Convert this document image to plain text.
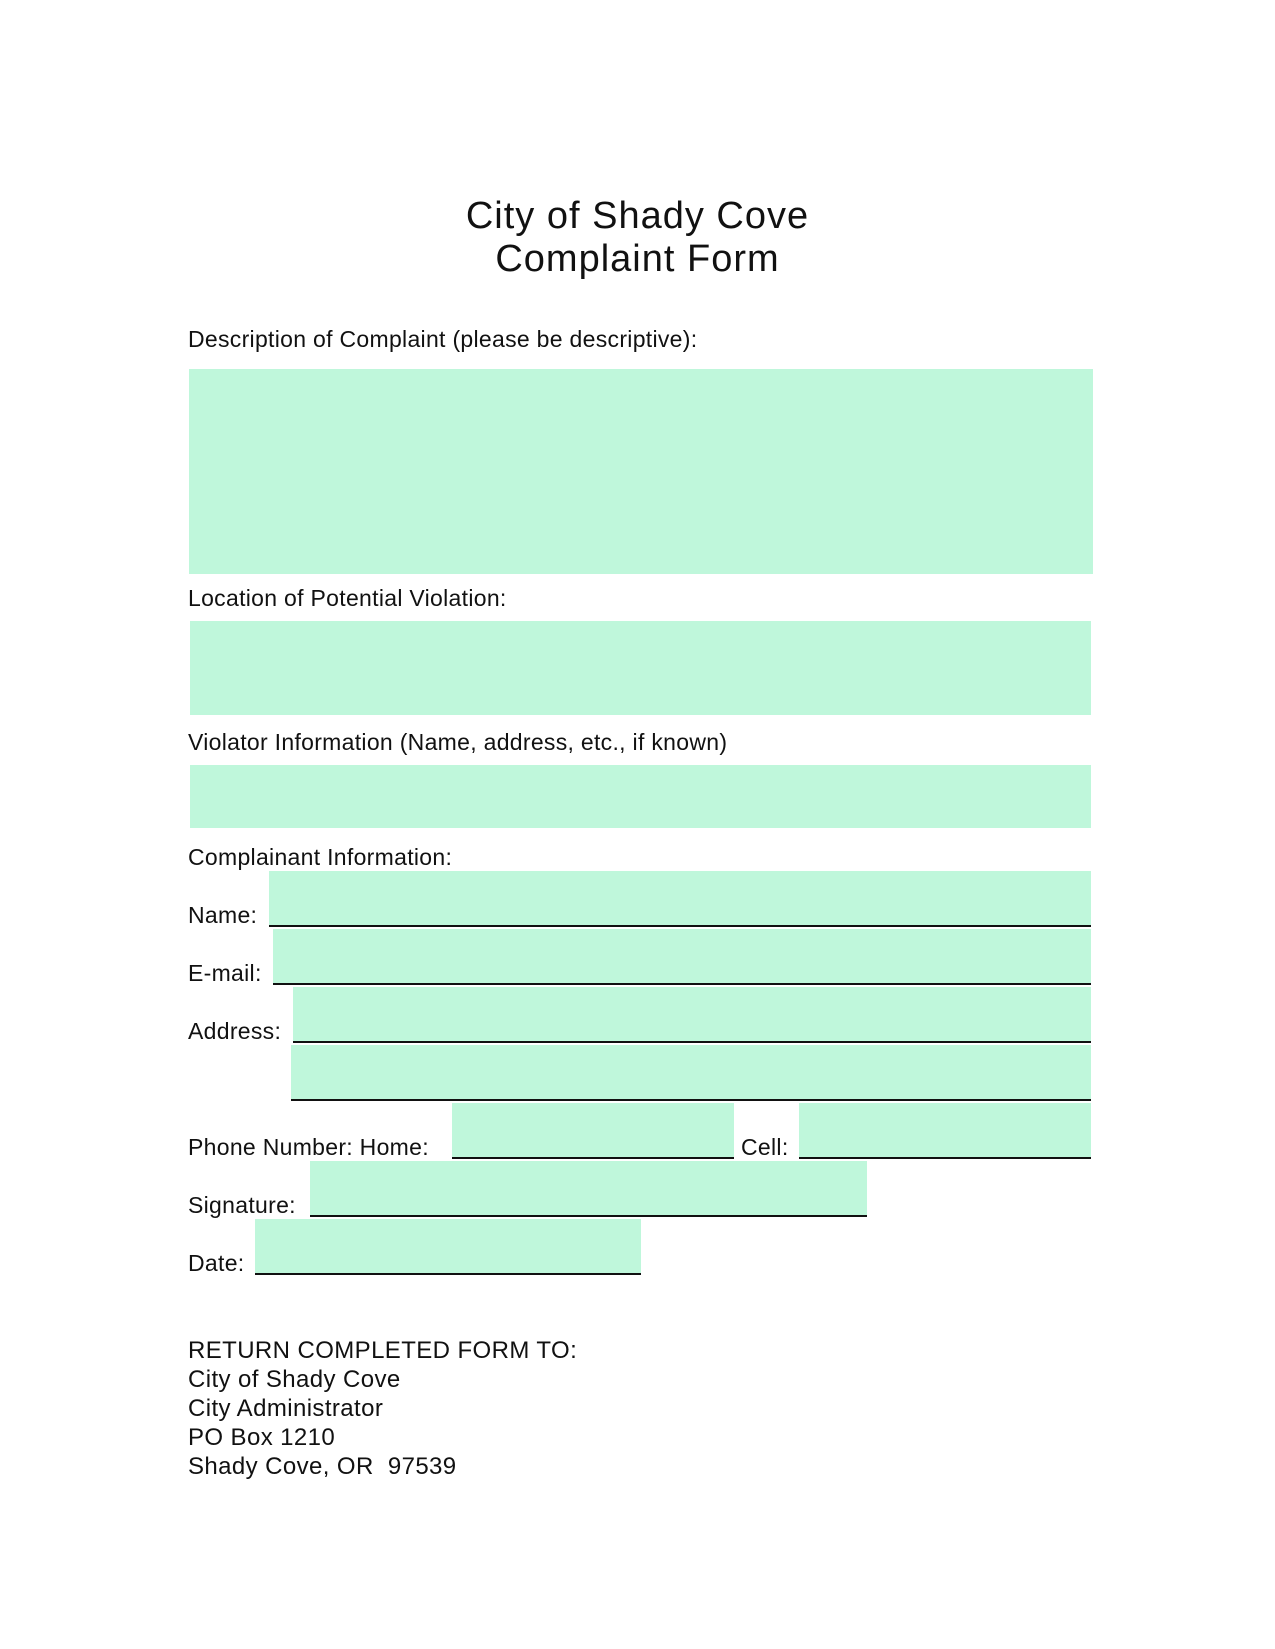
City of Shady Cove
Complaint Form
Description of Complaint (please be descriptive):
Location of Potential Violation:
Violator Information (Name, address, etc., if known)
Complainant Information:
Name:
E-mail:
Address:
Phone Number: Home:	Cell:
Signature:
Date:
RETURN COMPLETED FORM TO:
City of Shady Cove
City Administrator
PO Box 1210
Shady Cove, OR  97539
